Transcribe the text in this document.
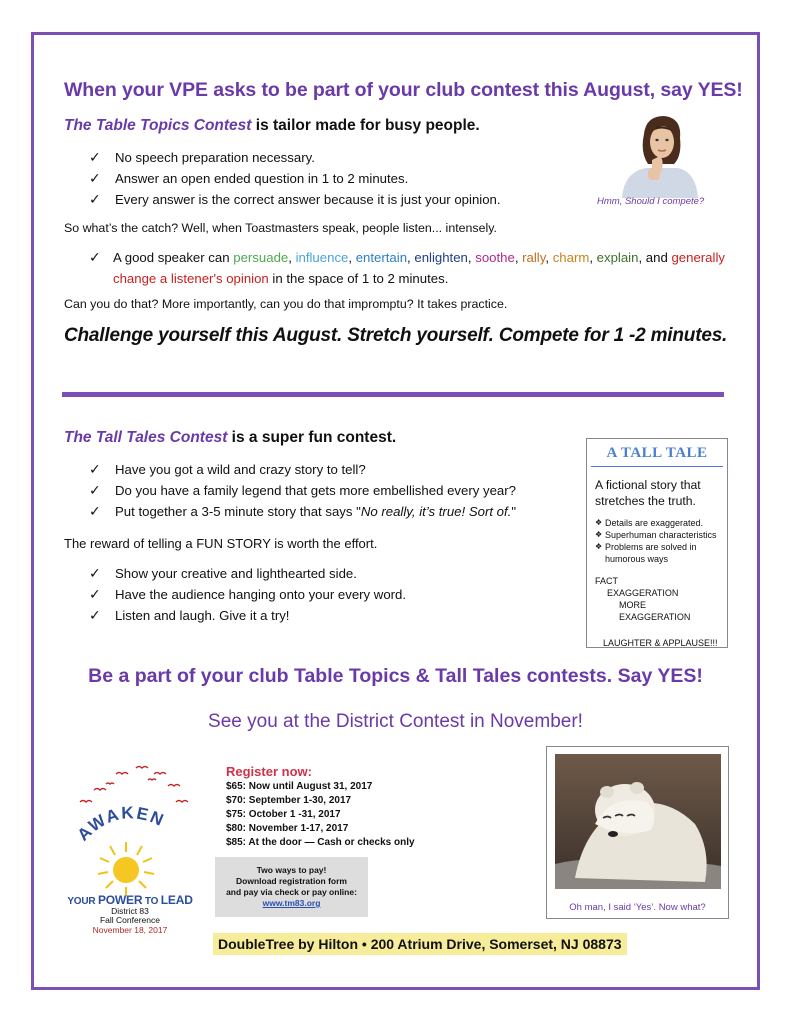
When your VPE asks to be part of your club contest this August, say YES!
The Table Topics Contest is tailor made for busy people.
Hmm, Should I compete?
✓ No speech preparation necessary.
✓ Answer an open ended question in 1 to 2 minutes.
✓ Every answer is the correct answer because it is just your opinion.
So what’s the catch? Well, when Toastmasters speak, people listen... intensely.
✓ A good speaker can persuade, influence, entertain, enlighten, soothe, rally, charm, explain, and generally
change a listener's opinion in the space of 1 to 2 minutes.
Can you do that? More importantly, can you do that impromptu? It takes practice.
Challenge yourself this August. Stretch yourself. Compete for 1 -2 minutes.
The Tall Tales Contest is a super fun contest.
✓ Have you got a wild and crazy story to tell?
✓ Do you have a family legend that gets more embellished every year?
✓ Put together a 3-5 minute story that says "No really, it’s true! Sort of."
The reward of telling a FUN STORY is worth the effort.
✓ Show your creative and lighthearted side.
✓ Have the audience hanging onto your every word.
✓ Listen and laugh. Give it a try!
A TALL TALE
A fictional story that stretches the truth.
❖ Details are exaggerated.
❖ Superhuman characteristics
❖ Problems are solved in
humorous ways
FACT
EXAGGERATION
MORE EXAGGERATION
LAUGHTER & APPLAUSE!!!
Be a part of your club Table Topics & Tall Tales contests. Say YES!
See you at the District Contest in November!
AWAKEN
YOUR POWER TO LEAD
District 83
Fall Conference
November 18, 2017
Register now:
$65: Now until August 31, 2017
$70: September 1-30, 2017
$75: October 1 -31, 2017
$80: November 1-17, 2017
$85: At the door — Cash or checks only
Two ways to pay!
Download registration form
and pay via check or pay online:
www.tm83.org
DoubleTree by Hilton • 200 Atrium Drive, Somerset, NJ 08873
Oh man, I said ‘Yes’. Now what?
